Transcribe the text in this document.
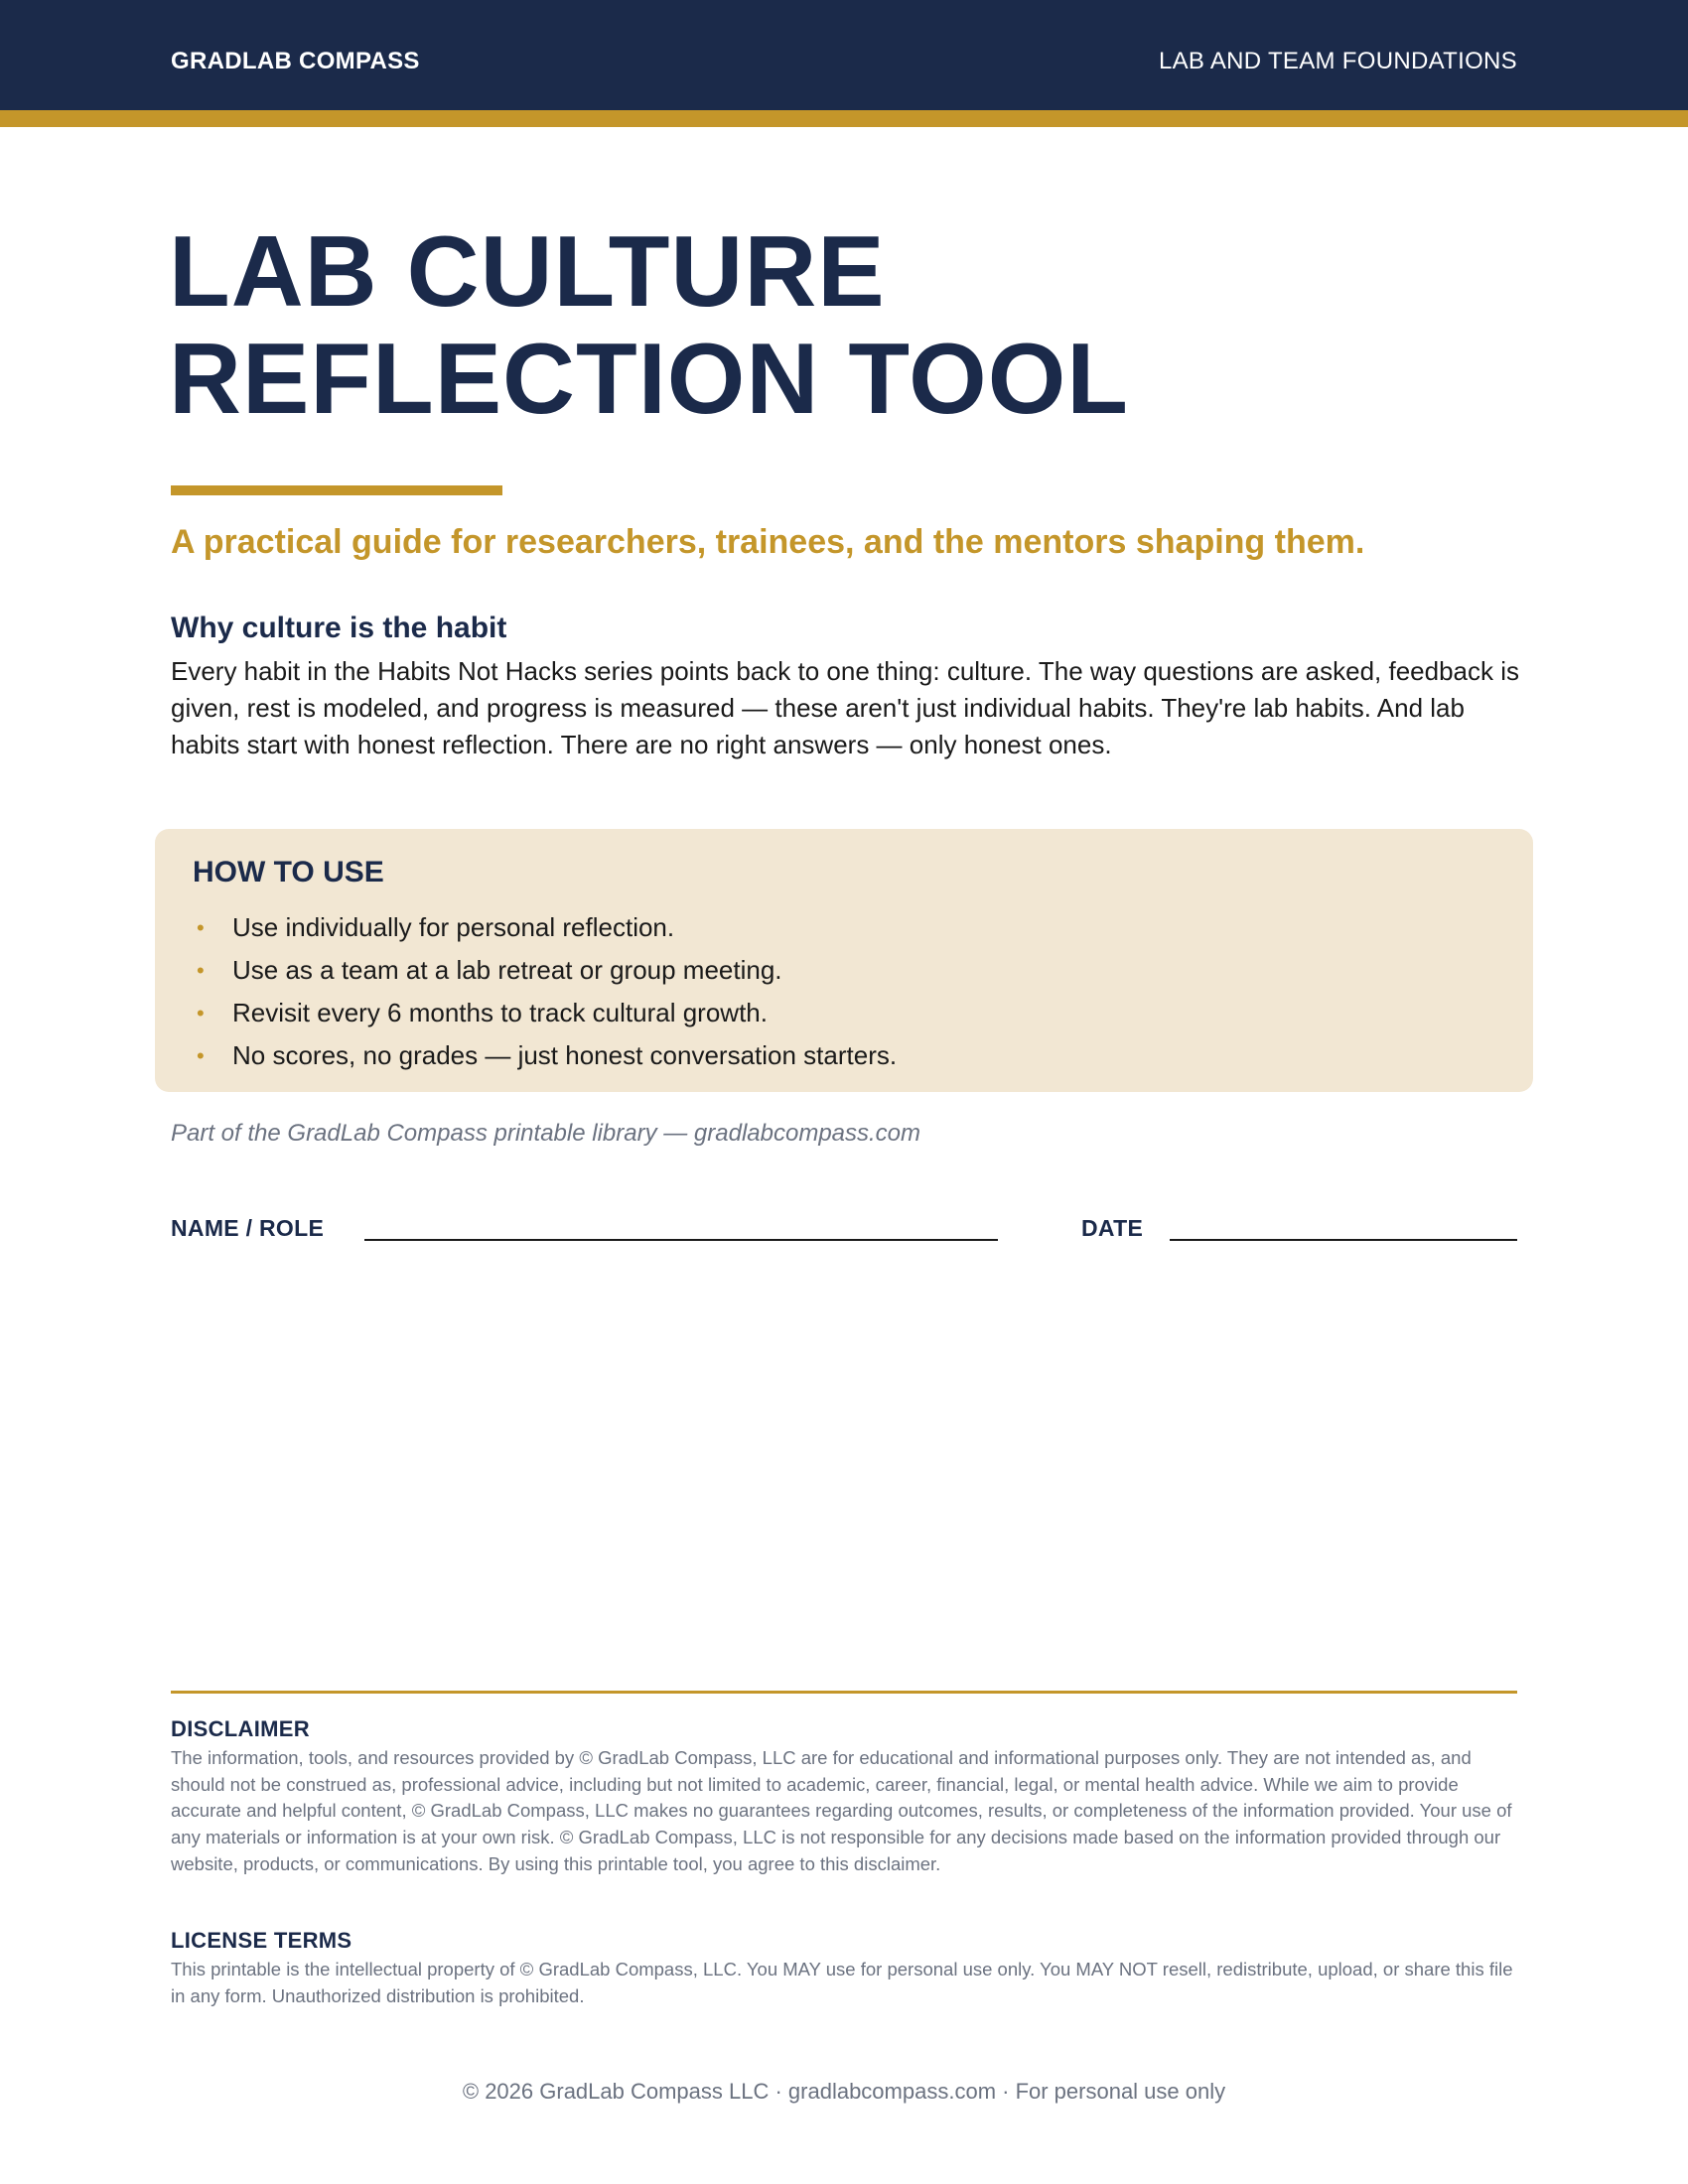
GRADLAB COMPASS	LAB AND TEAM FOUNDATIONS
LAB CULTURE
REFLECTION TOOL
A practical guide for researchers, trainees, and the mentors shaping them.
Why culture is the habit

Every habit in the Habits Not Hacks series points back to one thing: culture. The way questions are asked, feedback is given, rest is modeled, and progress is measured — these aren't just individual habits. They're lab habits. And lab habits start with honest reflection. There are no right answers — only honest ones.

HOW TO USE
• Use individually for personal reflection.
• Use as a team at a lab retreat or group meeting.
• Revisit every 6 months to track cultural growth.
• No scores, no grades — just honest conversation starters.
Part of the GradLab Compass printable library — gradlabcompass.com
NAME / ROLE	DATE
DISCLAIMER

The information, tools, and resources provided by © GradLab Compass, LLC are for educational and informational purposes only. They are not intended as, and should not be construed as, professional advice, including but not limited to academic, career, financial, legal, or mental health advice. While we aim to provide accurate and helpful content, © GradLab Compass, LLC makes no guarantees regarding outcomes, results, or completeness of the information provided. Your use of any materials or information is at your own risk. © GradLab Compass, LLC is not responsible for any decisions made based on the information provided through our website, products, or communications. By using this printable tool, you agree to this disclaimer.

LICENSE TERMS

This printable is the intellectual property of © GradLab Compass, LLC. You MAY use for personal use only. You MAY NOT resell, redistribute, upload, or share this file in any form. Unauthorized distribution is prohibited.

© 2026 GradLab Compass LLC · gradlabcompass.com · For personal use only
